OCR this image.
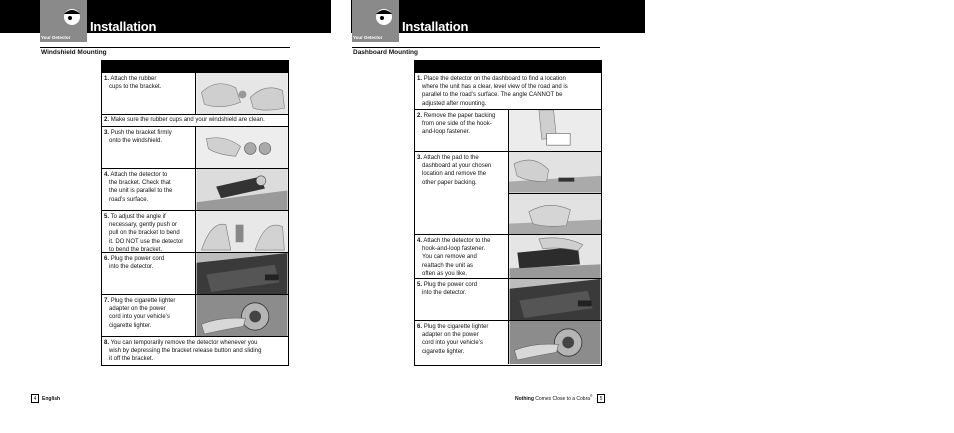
Your Detector
Installation
Windshield Mounting
1. Attach the rubber
cups to the bracket.
2. Make sure the rubber cups and your windshield are clean.
3. Push the bracket firmly
onto the windshield.
4. Attach the detector to
the bracket. Check that
the unit is parallel to the
road’s surface.
5. To adjust the angle if
necessary, gently push or
pull on the bracket to bend
it. DO NOT use the detector
to bend the bracket.
6. Plug the power cord
into the detector.
7. Plug the cigarette lighter
adapter on the power
cord into your vehicle’s
cigarette lighter.
8. You can temporarily remove the detector whenever you
wish by depressing the bracket release button and sliding
it off the bracket.
4 English
Your Detector
Installation
Dashboard Mounting
1. Place the detector on the dashboard to find a location
where the unit has a clear, level view of the road and is
parallel to the road’s surface. The angle CANNOT be
adjusted after mounting.
2. Remove the paper backing
from one side of the hook-
and-loop fastener.
3. Attach the pad to the
dashboard at your chosen
location and remove the
other paper backing.
4. Attach the detector to the
hook-and-loop fastener.
You can remove and
reattach the unit as
often as you like.
5. Plug the power cord
into the detector.
6. Plug the cigarette lighter
adapter on the power
cord into your vehicle’s
cigarette lighter.
Nothing Comes Close to a Cobra® 5
